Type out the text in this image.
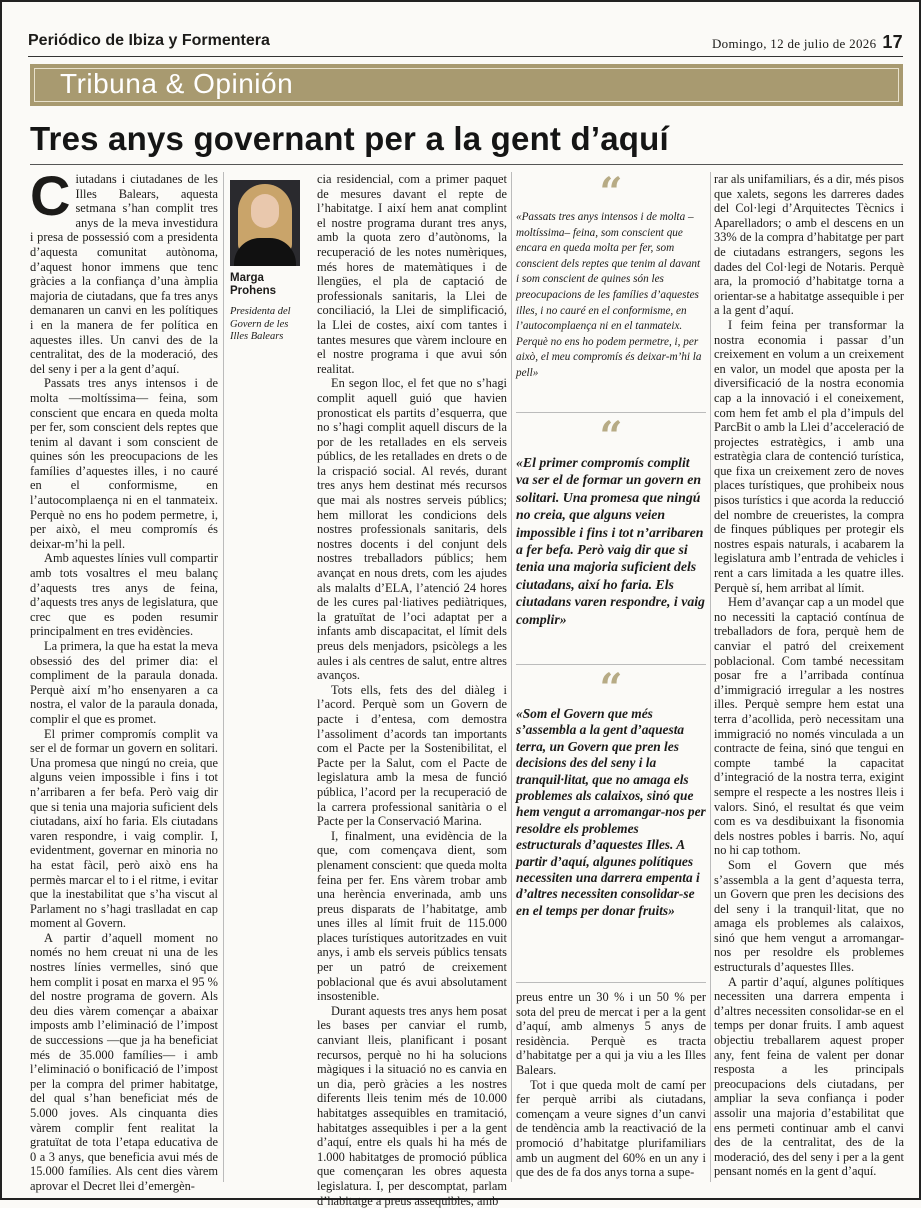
Periódico de Ibiza y Formentera	Domingo, 12 de julio de 2026 17
Tribuna & Opinión
Tres anys governant per a la gent d’aquí

Ciutadans i ciutadanes de les Illes Balears, aquesta setmana s’han complit tres anys de la meva investidura i presa de possessió com a presidenta d’aquesta comunitat autònoma, d’aquest honor immens que tenc gràcies a la confiança d’una àmplia majoria de ciutadans, que fa tres anys demanaren un canvi en les polítiques i en la manera de fer política en aquestes illes. Un canvi des de la centralitat, des de la moderació, des del seny i per a la gent d’aquí.

Passats tres anys intensos i de molta —moltíssima— feina, som conscient que encara en queda molta per fer, som conscient dels reptes que tenim al davant i som conscient de quines són les preocupacions de les famílies d’aquestes illes, i no cauré en el conformisme, en l’autocomplaença ni en el tanmateix. Perquè no ens ho podem permetre, i, per això, el meu compromís és deixar-m’hi la pell.

Amb aquestes línies vull compartir amb tots vosaltres el meu balanç d’aquests tres anys de feina, d’aquests tres anys de legislatura, que crec que es poden resumir principalment en tres evidències.

La primera, la que ha estat la meva obsessió des del primer dia: el compliment de la paraula donada. Perquè així m’ho ensenyaren a ca nostra, el valor de la paraula donada, complir el que es promet.

El primer compromís complit va ser el de formar un govern en solitari. Una promesa que ningú no creia, que alguns veien impossible i fins i tot n’arribaren a fer befa. Però vaig dir que si tenia una majoria suficient dels ciutadans, així ho faria. Els ciutadans varen respondre, i vaig complir. I, evidentment, governar en minoria no ha estat fàcil, però això ens ha permès marcar el to i el ritme, i evitar que la inestabilitat que s’ha viscut al Parlament no s’hagi traslladat en cap moment al Govern.

A partir d’aquell moment no només no hem creuat ni una de les nostres línies vermelles, sinó que hem complit i posat en marxa el 95 % del nostre programa de govern. Als deu dies vàrem començar a abaixar imposts amb l’eliminació de l’impost de successions —que ja ha beneficiat més de 35.000 famílies— i amb l’eliminació o bonificació de l’impost per la compra del primer habitatge, del qual s’han beneficiat més de 5.000 joves. Als cinquanta dies vàrem complir fent realitat la gratuïtat de tota l’etapa educativa de 0 a 3 anys, que beneficia avui més de 15.000 famílies. Als cent dies vàrem aprovar el Decret llei d’emergèn-

Marga
Prohens
Presidenta del Govern de les Illes Balears

cia residencial, com a primer paquet de mesures davant el repte de l’habitatge. I així hem anat complint el nostre programa durant tres anys, amb la quota zero d’autònoms, la recuperació de les notes numèriques, més hores de matemàtiques i de llengües, el pla de captació de professionals sanitaris, la Llei de conciliació, la Llei de simplificació, la Llei de costes, així com tantes i tantes mesures que vàrem incloure en el nostre programa i que avui són realitat.

En segon lloc, el fet que no s’hagi complit aquell guió que havien pronosticat els partits d’esquerra, que no s’hagi complit aquell discurs de la por de les retallades en els serveis públics, de les retallades en drets o de la crispació social. Al revés, durant tres anys hem destinat més recursos que mai als nostres serveis públics; hem millorat les condicions dels nostres professionals sanitaris, dels nostres docents i del conjunt dels nostres treballadors públics; hem avançat en nous drets, com les ajudes als malalts d’ELA, l’atenció 24 hores de les cures pal·liatives pediàtriques, la gratuïtat de l’oci adaptat per a infants amb discapacitat, el límit dels preus dels menjadors, psicòlegs a les aules i als centres de salut, entre altres avanços.

Tots ells, fets des del diàleg i l’acord. Perquè som un Govern de pacte i d’entesa, com demostra l’assoliment d’acords tan importants com el Pacte per la Sostenibilitat, el Pacte per la Salut, com el Pacte de legislatura amb la mesa de funció pública, l’acord per la recuperació de la carrera professional sanitària o el Pacte per la Conservació Marina.

I, finalment, una evidència de la que, com començava dient, som plenament conscient: que queda molta feina per fer. Ens vàrem trobar amb una herència enverinada, amb uns preus disparats de l’habitatge, amb unes illes al límit fruit de 115.000 places turístiques autoritzades en vuit anys, i amb els serveis públics tensats per un patró de creixement poblacional que és avui absolutament insostenible.

Durant aquests tres anys hem posat les bases per canviar el rumb, canviant lleis, planificant i posant recursos, perquè no hi ha solucions màgiques i la situació no es canvia en un dia, però gràcies a les nostres diferents lleis tenim més de 10.000 habitatges assequibles en tramitació, habitatges assequibles i per a la gent d’aquí, entre els quals hi ha més de 1.000 habitatges de promoció pública que començaran les obres aquesta legislatura. I, per descomptat, parlam d’habitatge a preus assequibles, amb

“
«Passats tres anys intensos i de molta –moltíssima– feina, som conscient que encara en queda molta per fer, som conscient dels reptes que tenim al davant i som conscient de quines són les preocupacions de les famílies d’aquestes illes, i no cauré en el conformisme, en l’autocomplaença ni en el tanmateix. Perquè no ens ho podem permetre, i, per això, el meu compromís és deixar-m’hi la pell»
“
«El primer compromís complit va ser el de formar un govern en solitari. Una promesa que ningú no creia, que alguns veien impossible i fins i tot n’arribaren a fer befa. Però vaig dir que si tenia una majoria suficient dels ciutadans, així ho faria. Els ciutadans varen respondre, i vaig complir»
“
«Som el Govern que més s’assembla a la gent d’aquesta terra, un Govern que pren les decisions des del seny i la tranquil·litat, que no amaga els problemes als calaixos, sinó que hem vengut a arromangar-nos per resoldre els problemes estructurals d’aquestes Illes. A partir d’aquí, algunes polítiques necessiten una darrera empenta i d’altres necessiten consolidar-se en el temps per donar fruits»

preus entre un 30 % i un 50 % per sota del preu de mercat i per a la gent d’aquí, amb almenys 5 anys de residència. Perquè es tracta d’habitatge per a qui ja viu a les Illes Balears.

Tot i que queda molt de camí per fer perquè arribi als ciutadans, començam a veure signes d’un canvi de tendència amb la reactivació de la promoció d’habitatge plurifamiliars amb un augment del 60% en un any i que des de fa dos anys torna a supe-

rar als unifamiliars, és a dir, més pisos que xalets, segons les darreres dades del Col·legi d’Arquitectes Tècnics i Aparelladors; o amb el descens en un 33% de la compra d’habitatge per part de ciutadans estrangers, segons les dades del Col·legi de Notaris. Perquè ara, la promoció d’habitatge torna a orientar-se a habitatge assequible i per a la gent d’aquí.

I feim feina per transformar la nostra economia i passar d’un creixement en volum a un creixement en valor, un model que aposta per la diversificació de la nostra economia cap a la innovació i el coneixement, com hem fet amb el pla d’impuls del ParcBit o amb la Llei d’acceleració de projectes estratègics, i amb una estratègia clara de contenció turística, que fixa un creixement zero de noves places turístiques, que prohibeix nous pisos turístics i que acorda la reducció del nombre de creueristes, la compra de finques públiques per protegir els nostres espais naturals, i acabarem la legislatura amb l’entrada de vehicles i rent a cars limitada a les quatre illes. Perquè sí, hem arribat al límit.

Hem d’avançar cap a un model que no necessiti la captació contínua de treballadors de fora, perquè hem de canviar el patró del creixement poblacional. Com també necessitam posar fre a l’arribada contínua d’immigració irregular a les nostres illes. Perquè sempre hem estat una terra d’acollida, però necessitam una immigració no només vinculada a un contracte de feina, sinó que tengui en compte també la capacitat d’integració de la nostra terra, exigint sempre el respecte a les nostres lleis i valors. Sinó, el resultat és que veim com es va desdibuixant la fisonomia dels nostres pobles i barris. No, aquí no hi cap tothom.

Som el Govern que més s’assembla a la gent d’aquesta terra, un Govern que pren les decisions des del seny i la tranquil·litat, que no amaga els problemes als calaixos, sinó que hem vengut a arromangar-nos per resoldre els problemes estructurals d’aquestes Illes.

A partir d’aquí, algunes polítiques necessiten una darrera empenta i d’altres necessiten consolidar-se en el temps per donar fruits. I amb aquest objectiu treballarem aquest proper any, fent feina de valent per donar resposta a les principals preocupacions dels ciutadans, per ampliar la seva confiança i poder assolir una majoria d’estabilitat que ens permeti continuar amb el canvi des de la centralitat, des de la moderació, des del seny i per a la gent pensant només en la gent d’aquí.
